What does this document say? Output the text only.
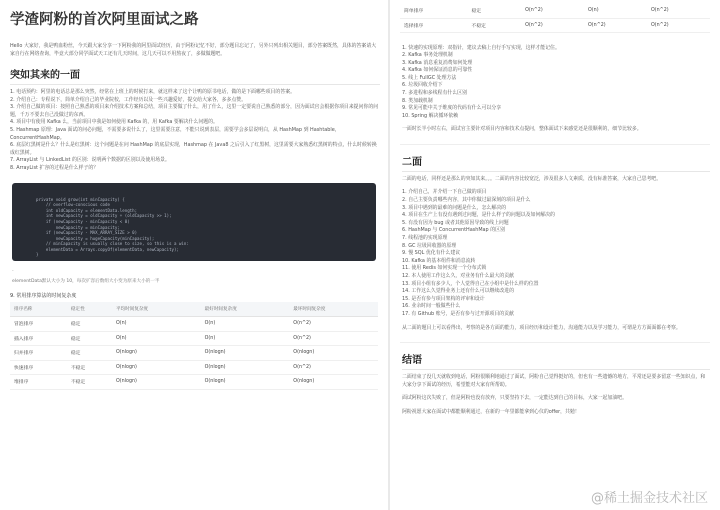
学渣阿粉的首次阿里面试之路

Hello 大家好，我是鸭血粉丝，今天跟大家分享一下阿粉我的阿里面试经历，由于阿粉记忆不好，部分题目忘记了，另外只列出相关题目，部分答案既然，具体的答案请大家自行在网络查询，毕竟大部分同学面试天工还有几天时间，这几天可以不用熬夜了，多做做题吧。

突如其来的一面
1. 电话预约：阿里的电话总是那么突然，经常在上班上的时候打来，就这样来了这个让鸭的原书电话，做的是下面哪些项目的答案。
2. 介绍自己：专程说下，简单介绍自己的毕业院校，工作经历以及一些兴趣爱好，提交给大家各，多多点赞。
3. 介绍自己做的项目：按照自己熟悉的项目来介绍技术方案和总结，项目主要做了什么，用了什么，这里一定要说自己熟悉的部分，因为面试官会根据你项目来提问你的问题，千万不要去自己没做过的东西。
4. 项目中有使用 Kafka 么，当前项目中我是如何使用 Kafka 的，用 Kafka 要解决什么问题的。
5. Hashmap 原理：Java 面试的问必问题，不需要多说什么了，这里需要注意，不能只说到表层，需要学会多层说明白，从 HashMap 到 Hashtable，ConcurrentHashMap。
6. 底层红黑树是什么？什么是红黑树：这个问题是在问 HashMap 的底层实现，Hashmap 在 Java8 之后引入了红黑树，这里需要大家熟悉红黑树的特点，什么时候转换成红黑树。
7. ArrayList 与 LinkedList 的区别：说明两个数据的区别以及使用场景。
8. ArrayList 扩容的过程是什么样子的？
private void grow(int minCapacity) {
// overflow-conscious code
int oldCapacity = elementData.length;
int newCapacity = oldCapacity + (oldCapacity >> 1);
if (newCapacity - minCapacity < 0)
newCapacity = minCapacity;
if (newCapacity - MAX_ARRAY_SIZE > 0)
newCapacity = hugeCapacity(minCapacity);
// minCapacity is usually close to size, so this is a win:
elementData = Arrays.copyOf(elementData, newCapacity);
}
-
elementData默认大小为 10，每次扩容后数组大小变为原来大小的一半
9. 常用排序算法的时间复杂度
排序名称	稳定性	平均时间复杂度	最好时间复杂度	最坏时间复杂度
冒泡排序	稳定	O(n)	O(n)	O(n^2)
插入排序	稳定	O(n)	O(n)	O(n^2)
归并排序	稳定	O(nlogn)	O(nlogn)	O(nlogn)
快速排序	不稳定	O(nlogn)	O(nlogn)	O(n^2)
堆排序	不稳定	O(nlogn)	O(nlogn)	O(nlogn)
简单排序	稳定	O(n^2)	O(n)	O(n^2)
选择排序	不稳定	O(n^2)	O(n^2)	O(n^2)
1. 快速的实现原理：双指针，建议去稿上自行手写实现，这样才能记住。
2. Kafka 事务处理机制
3. Kafka 消息重复消费如何处理
4. Kafka 如何保证消息的可靠性
5. 线上 FullGC 处理方法
6. 垃圾回收介绍下
7. 多进程和多线程有什么区别
8. 类加载机制
9. 常见可能中关于维度的代码有什么可以分享
10. Spring 解决循环依赖

一面时长半小时左右，面试官主要针对项目内容和技术点提问，整体面试下来感觉还是很顺利的，细节比较多。

二面

二面的电话，同样还是那么的突如其来。。。二面的内容比较宽泛，涉及很多人文素质，没有标准答案，大家自己思考吧。

1. 介绍自己，并介绍一下自己做的项目
2. 自己主要负责哪些内容，其中你做过最深刻的项目是什么
3. 项目中遇到的最难的问题是什么，怎么解决的
4. 项目在生产上有没有遇到过问题，是什么样子的问题以及如何解决的
5. 有没有因为 bug 或者其他原因导致的线上问题
6. HashMap 与 ConcurrentHashMap 的区别
7. 线程池的实现原理
8. GC 垃圾回收器的原理
9. 慢 SQL 优化有什么建议
10. Kafka 的基本组件和消息流转
11. 使用 Redis 如何实现一个分布式锁
12. 本人使用工作这么久，对业务有什么最大的贡献
13. 项目小组有多少人，个人觉得自己在小组中是什么样的位置
14. 工作这么久觉得业务上还有什么可以继续改进的
15. 是否有参与项目架构的评审和设计
16. 业余时间一般做些什么
17. 有 Github 账号，是否有参与过开源项目的贡献

从二面的题目上可以看得出，考察的是各方面的能力，项目经历和设计能力，沟通能力以及学习能力，可谓是方方面面都在考察。

结语

二面结束了没几天就收到电话，阿粉很顺利地通过了面试，阿粉自己觉得挺好的，但也有一些遗憾的地方，平常还是要多留意一些知识点，和大家分享下面试的经历，希望能对大家有所帮助。

面试阿粉这次失败了，但是阿粉也没有放弃，只要坚持下去，一定能达到自己的目标，大家一起加油吧。

阿粉祝愿大家在面试中都能顺利通过，在新的一年里都能拿到心仪的offer，共勉！

@稀土掘金技术社区
